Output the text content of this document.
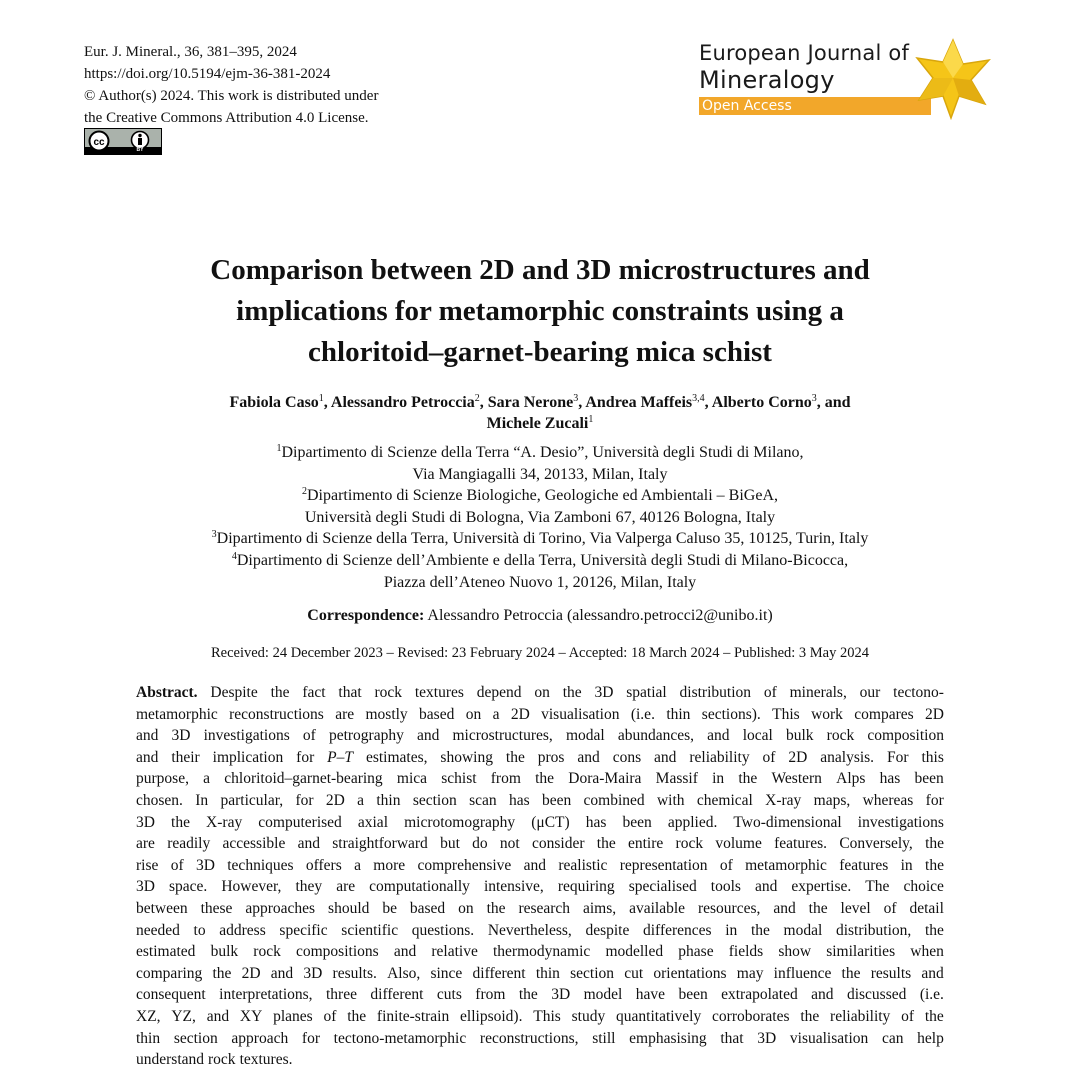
Eur. J. Mineral., 36, 381–395, 2024
https://doi.org/10.5194/ejm-36-381-2024
© Author(s) 2024. This work is distributed under
the Creative Commons Attribution 4.0 License.
cc
BY
European Journal of
Mineralogy
Open Access
Comparison between 2D and 3D microstructures and
implications for metamorphic constraints using a
chloritoid–garnet-bearing mica schist
Fabiola Caso$^1$, Alessandro Petroccia$^2$, Sara Nerone$^3$, Andrea Maffeis$^{3,4}$, Alberto Corno$^3$, and
Michele Zucali$^1$
$^1$Dipartimento di Scienze della Terra “A. Desio”, Università degli Studi di Milano,
Via Mangiagalli 34, 20133, Milan, Italy
$^2$Dipartimento di Scienze Biologiche, Geologiche ed Ambientali – BiGeA,
Università degli Studi di Bologna, Via Zamboni 67, 40126 Bologna, Italy
$^3$Dipartimento di Scienze della Terra, Università di Torino, Via Valperga Caluso 35, 10125, Turin, Italy
$^4$Dipartimento di Scienze dell’Ambiente e della Terra, Università degli Studi di Milano-Bicocca,
Piazza dell’Ateneo Nuovo 1, 20126, Milan, Italy
Correspondence: Alessandro Petroccia (alessandro.petrocci2@unibo.it)
Received: 24 December 2023 – Revised: 23 February 2024 – Accepted: 18 March 2024 – Published: 3 May 2024
Abstract. Despite the fact that rock textures depend on the 3D spatial distribution of minerals, our tectono-
metamorphic reconstructions are mostly based on a 2D visualisation (i.e. thin sections). This work compares 2D
and 3D investigations of petrography and microstructures, modal abundances, and local bulk rock composition
and their implication for P–T estimates, showing the pros and cons and reliability of 2D analysis. For this
purpose, a chloritoid–garnet-bearing mica schist from the Dora-Maira Massif in the Western Alps has been
chosen. In particular, for 2D a thin section scan has been combined with chemical X-ray maps, whereas for
3D the X-ray computerised axial microtomography (μCT) has been applied. Two-dimensional investigations
are readily accessible and straightforward but do not consider the entire rock volume features. Conversely, the
rise of 3D techniques offers a more comprehensive and realistic representation of metamorphic features in the
3D space. However, they are computationally intensive, requiring specialised tools and expertise. The choice
between these approaches should be based on the research aims, available resources, and the level of detail
needed to address specific scientific questions. Nevertheless, despite differences in the modal distribution, the
estimated bulk rock compositions and relative thermodynamic modelled phase fields show similarities when
comparing the 2D and 3D results. Also, since different thin section cut orientations may influence the results and
consequent interpretations, three different cuts from the 3D model have been extrapolated and discussed (i.e.
XZ, YZ, and XY planes of the finite-strain ellipsoid). This study quantitatively corroborates the reliability of the
thin section approach for tectono-metamorphic reconstructions, still emphasising that 3D visualisation can help
understand rock textures.
